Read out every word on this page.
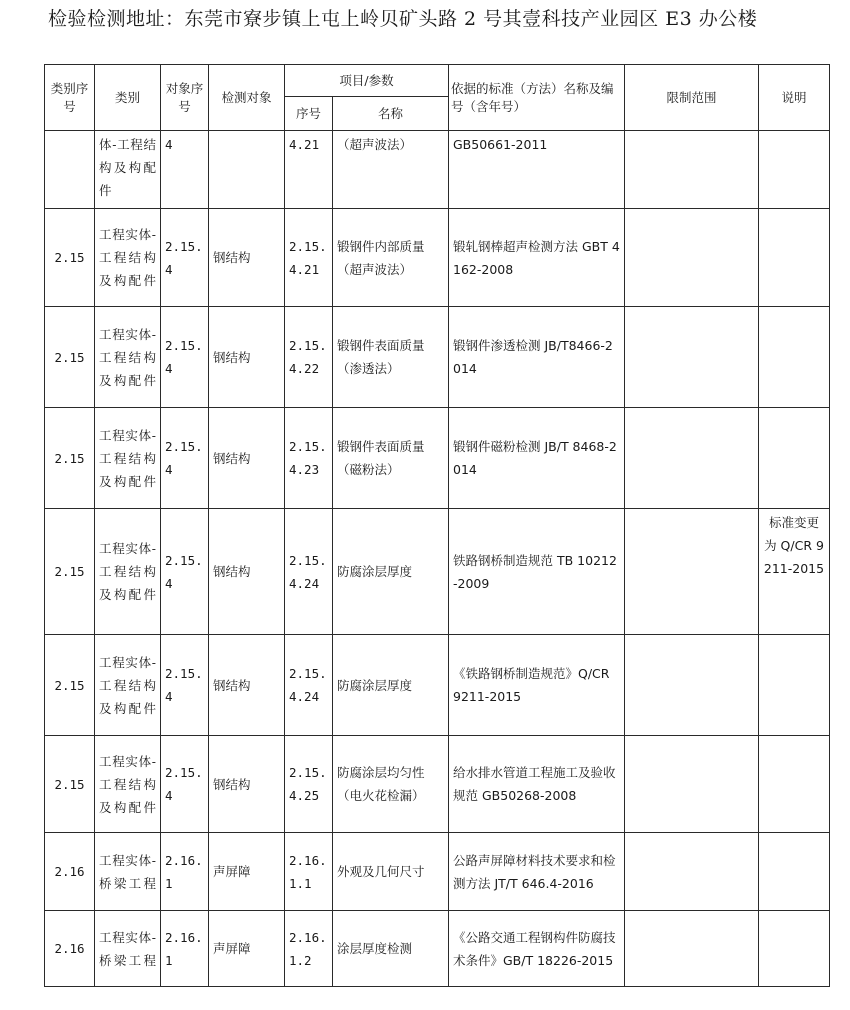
检验检测地址：东莞市寮步镇上屯上岭贝矿头路 2 号其壹科技产业园区 E3 办公楼
类别序号	类别	对象序号	检测对象	项目/参数		依据的标准（方法）名称及编号（含年号）	限制范围	说明
				序号	名称			
	体-工程结构及构配件	4		4.21	（超声波法）	GB50661-2011		
2.15	工程实体-工程结构及构配件	2.15.4	钢结构	2.15.4.21	锻钢件内部质量（超声波法）	锻轧钢棒超声检测方法 GBT 4162-2008		
2.15	工程实体-工程结构及构配件	2.15.4	钢结构	2.15.4.22	锻钢件表面质量（渗透法）	锻钢件渗透检测 JB/T8466-2014		
2.15	工程实体-工程结构及构配件	2.15.4	钢结构	2.15.4.23	锻钢件表面质量（磁粉法）	锻钢件磁粉检测 JB/T 8468-2014		
2.15	工程实体-工程结构及构配件	2.15.4	钢结构	2.15.4.24	防腐涂层厚度	铁路钢桥制造规范 TB 10212-2009		标准变更为 Q/CR 9211-2015
2.15	工程实体-工程结构及构配件	2.15.4	钢结构	2.15.4.24	防腐涂层厚度	《铁路钢桥制造规范》Q/CR 9211-2015		
2.15	工程实体-工程结构及构配件	2.15.4	钢结构	2.15.4.25	防腐涂层均匀性（电火花检漏）	给水排水管道工程施工及验收规范 GB50268-2008		
2.16	工程实体-桥梁工程	2.16.1	声屏障	2.16.1.1	外观及几何尺寸	公路声屏障材料技术要求和检测方法 JT/T 646.4-2016		
2.16	工程实体-桥梁工程	2.16.1	声屏障	2.16.1.2	涂层厚度检测	《公路交通工程钢构件防腐技术条件》GB/T 18226-2015		
